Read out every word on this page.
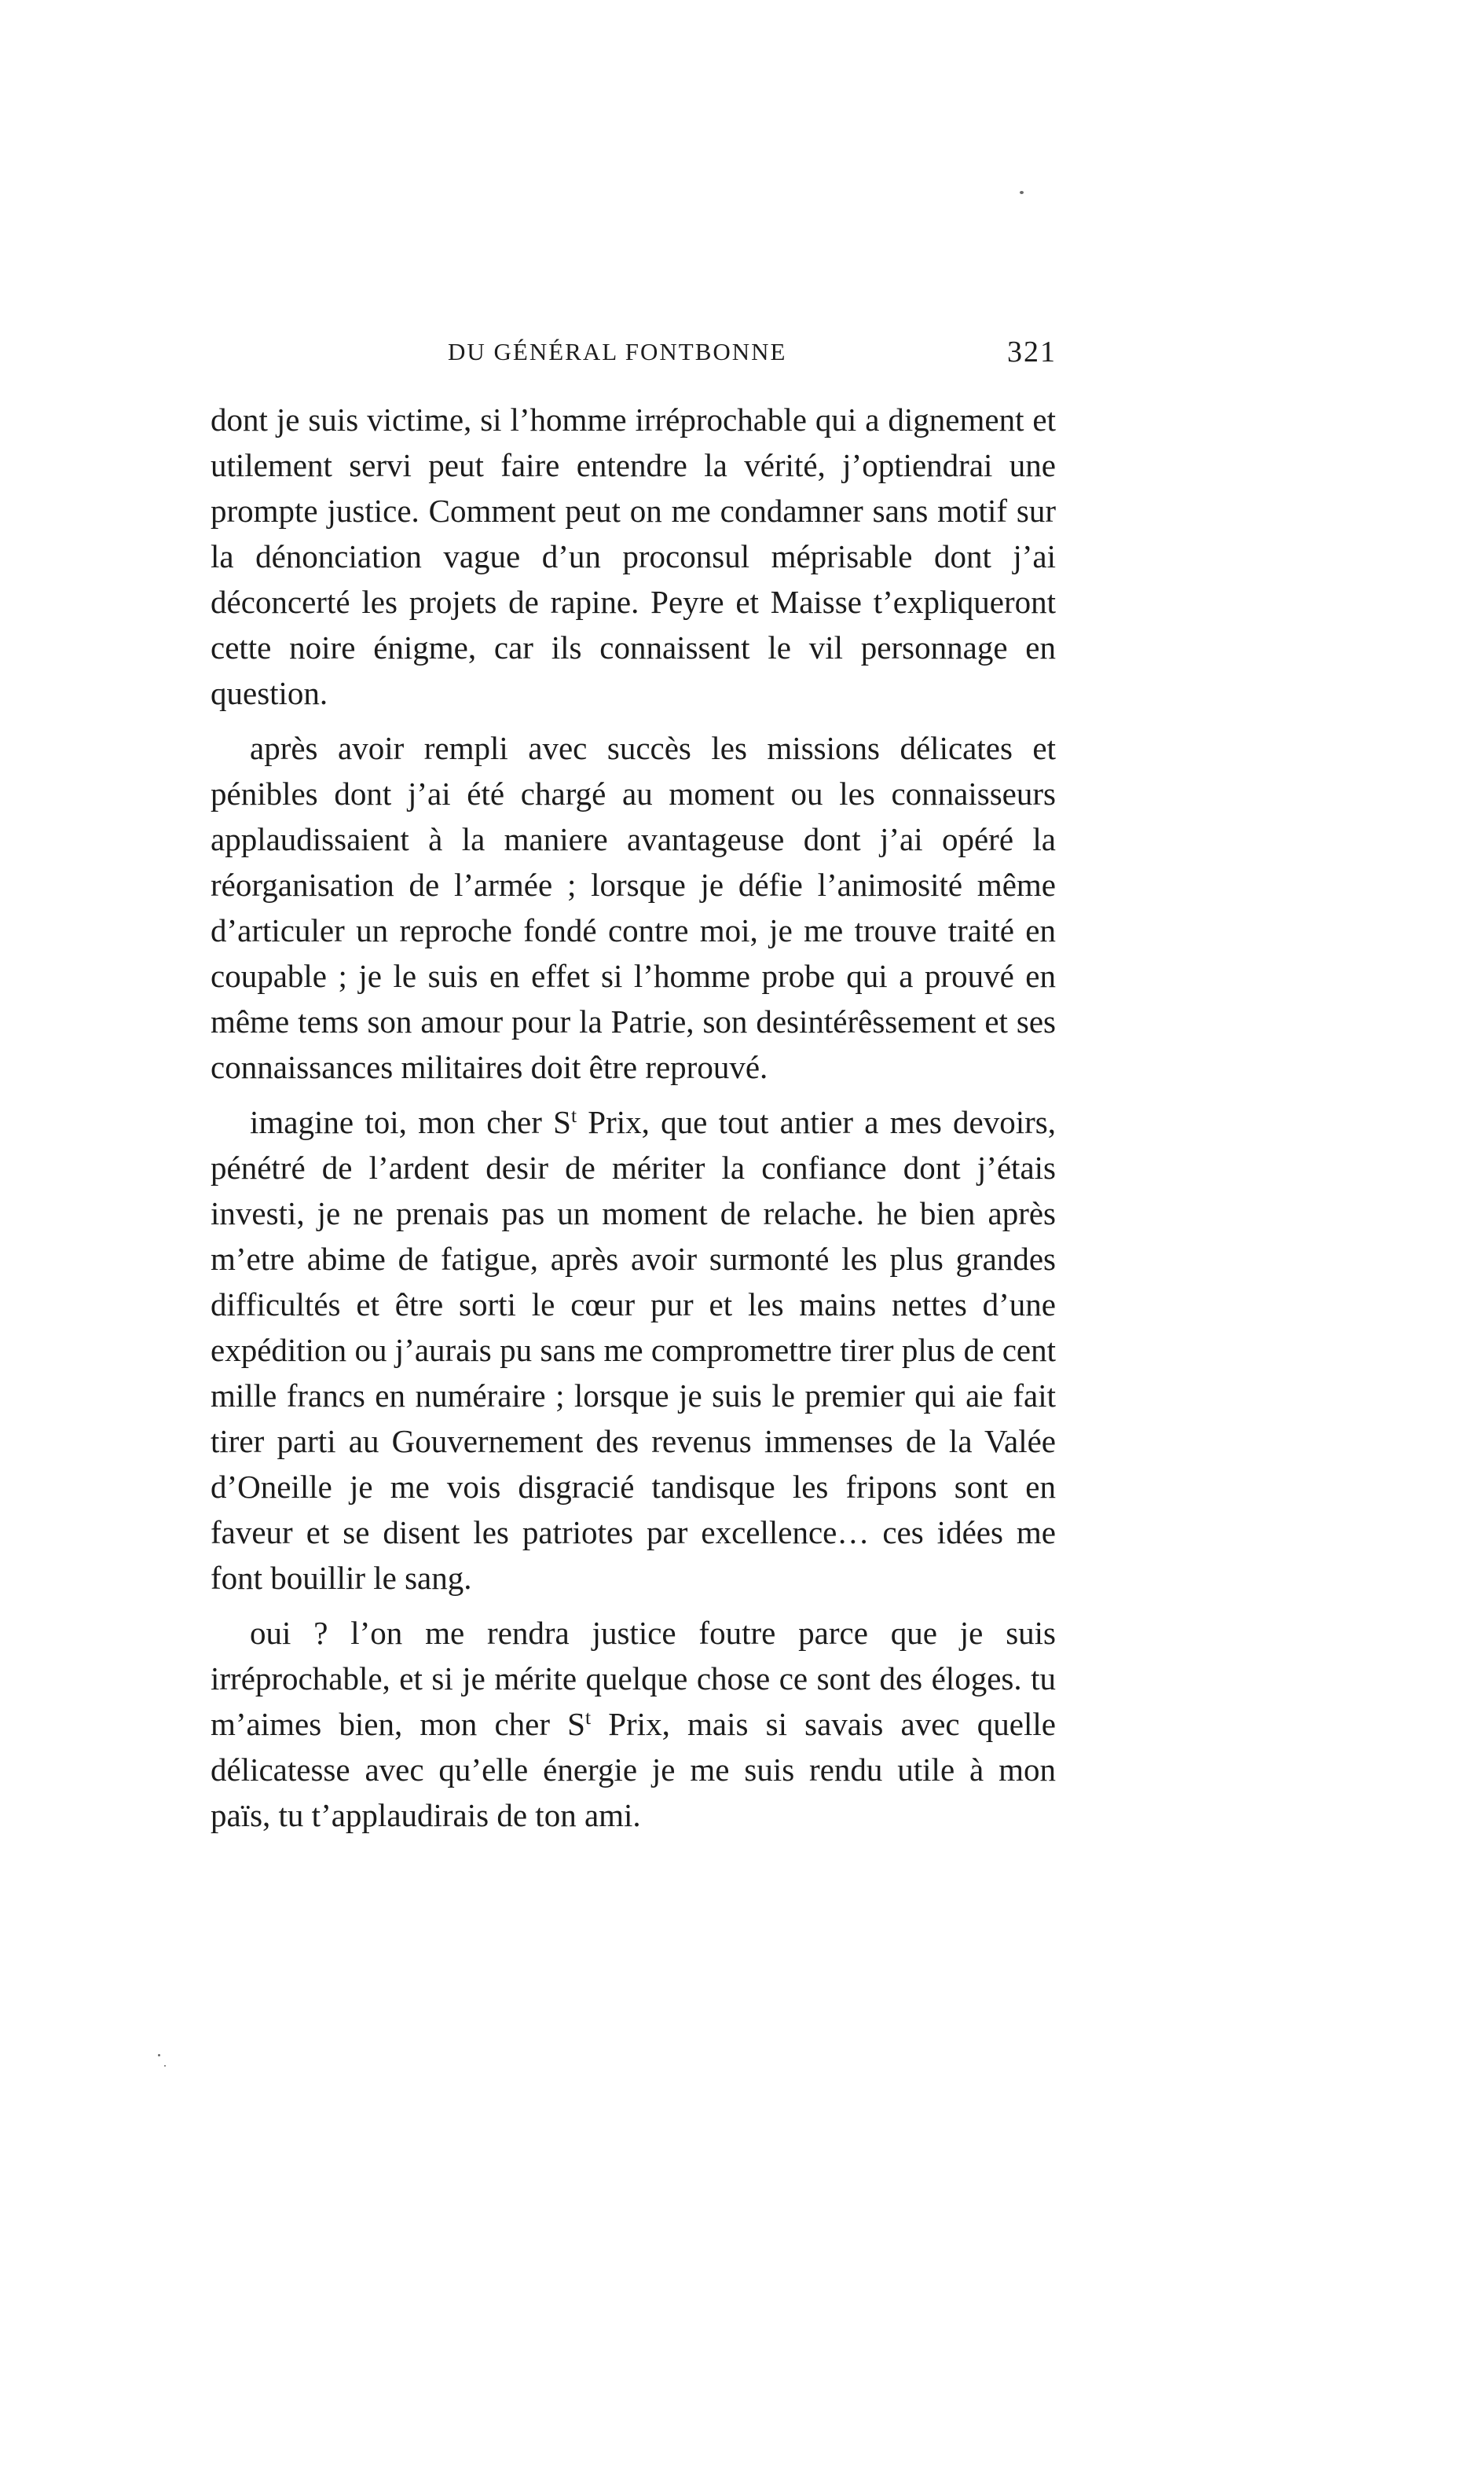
DU GÉNÉRAL FONTBONNE	321

dont je suis victime, si l’homme irréprochable qui a dignement et utilement servi peut faire entendre la vérité, j’optiendrai une prompte justice. Comment peut on me condamner sans motif sur la dénonciation vague d’un proconsul méprisable dont j’ai déconcerté les projets de rapine. Peyre et Maisse t’expliqueront cette noire énigme, car ils connaissent le vil personnage en question.

après avoir rempli avec succès les missions délicates et pénibles dont j’ai été chargé au moment ou les connaisseurs applaudissaient à la maniere avantageuse dont j’ai opéré la réorganisation de l’armée ; lorsque je défie l’animosité même d’articuler un reproche fondé contre moi, je me trouve traité en coupable ; je le suis en effet si l’homme probe qui a prouvé en même tems son amour pour la Patrie, son desintérêssement et ses connaissances militaires doit être reprouvé.

imagine toi, mon cher $S^t$ Prix, que tout antier a mes devoirs, pénétré de l’ardent desir de mériter la confiance dont j’étais investi, je ne prenais pas un moment de relache. he bien après m’etre abime de fatigue, après avoir surmonté les plus grandes difficultés et être sorti le cœur pur et les mains nettes d’une expédition ou j’aurais pu sans me compromettre tirer plus de cent mille francs en numéraire ; lorsque je suis le premier qui aie fait tirer parti au Gouvernement des revenus immenses de la Valée d’Oneille je me vois disgracié tandisque les fripons sont en faveur et se disent les patriotes par excellence… ces idées me font bouillir le sang.

oui ? l’on me rendra justice foutre parce que je suis irréprochable, et si je mérite quelque chose ce sont des éloges. tu m’aimes bien, mon cher $S^t$ Prix, mais si savais avec quelle délicatesse avec qu’elle énergie je me suis rendu utile à mon païs, tu t’applaudirais de ton ami.
